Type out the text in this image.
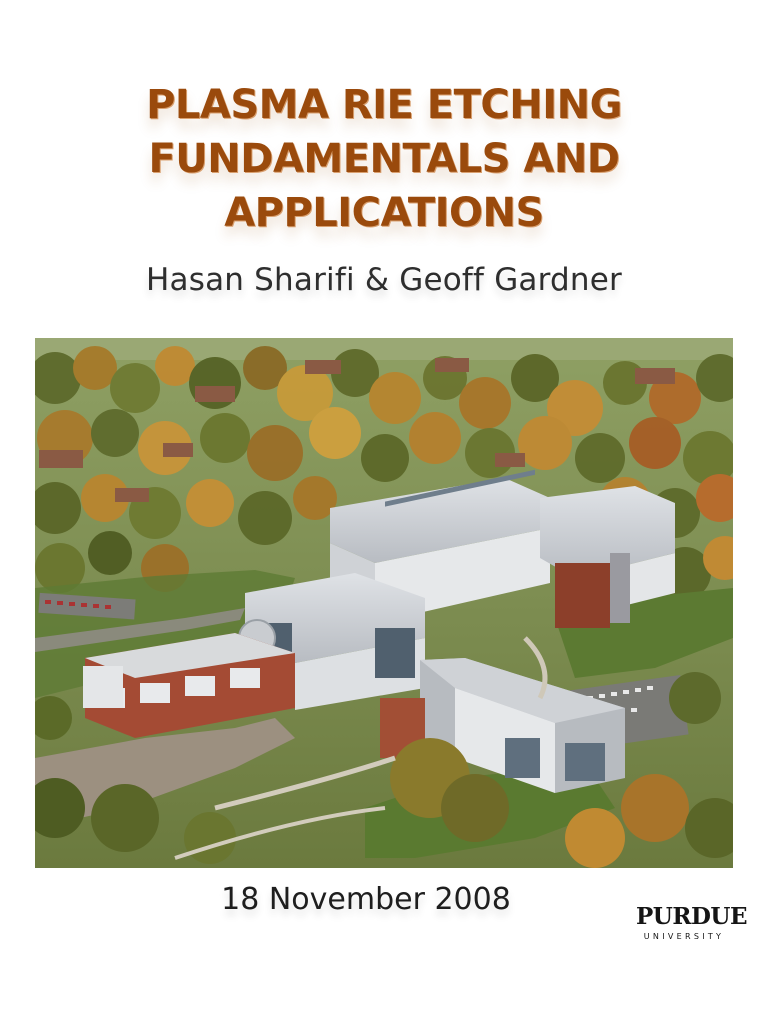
PLASMA RIE ETCHING
FUNDAMENTALS AND APPLICATIONS
Hasan Sharifi & Geoff Gardner
18 November 2008	PURDUE
UNIVERSITY
